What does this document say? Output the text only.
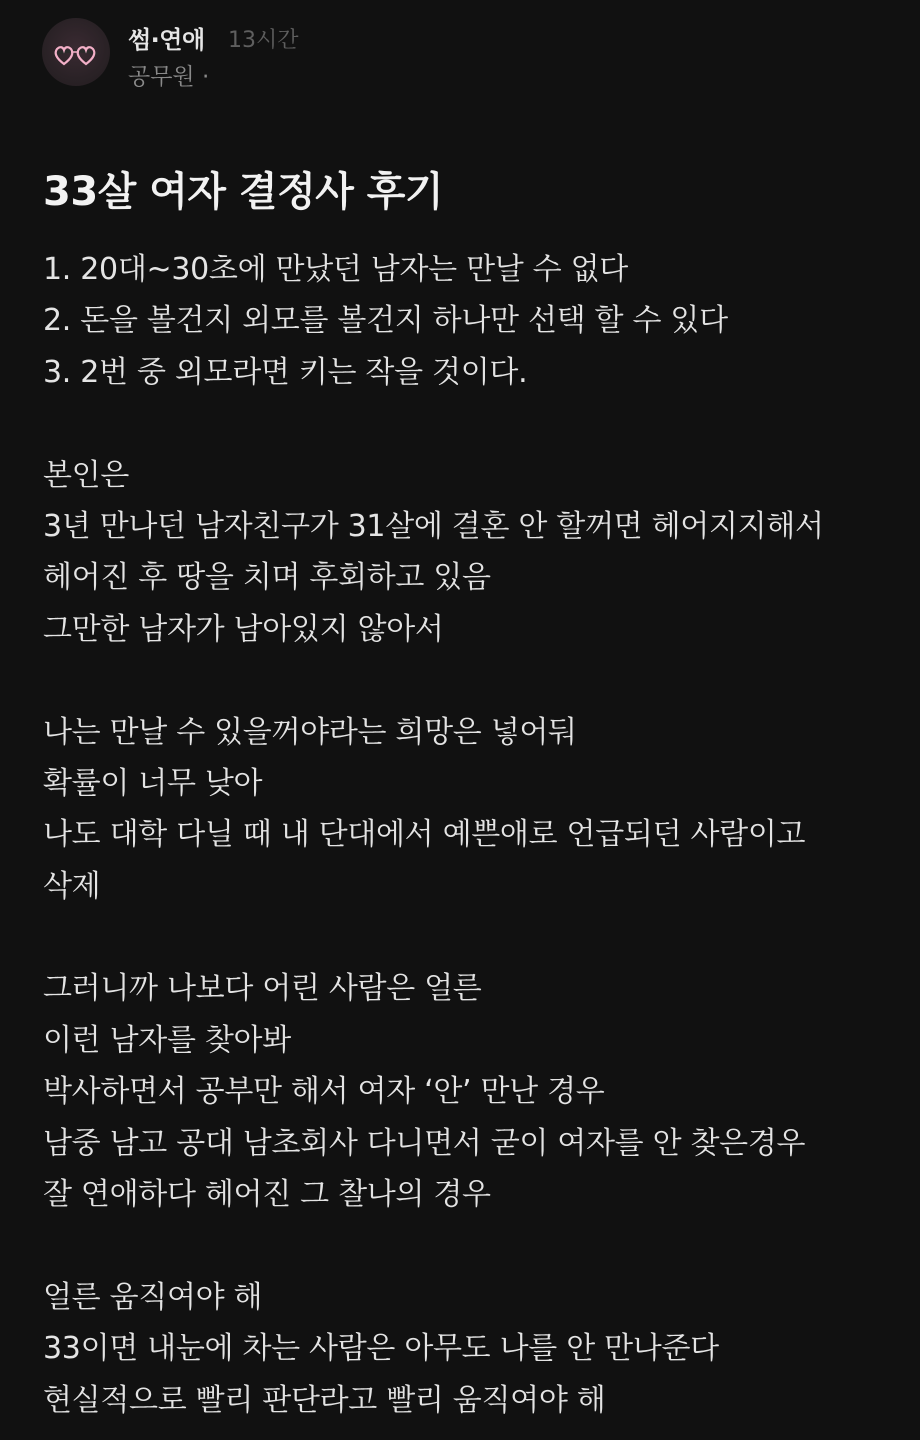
썸·연애 13시간
공무원 ·
33살 여자 결정사 후기
1. 20대~30초에 만났던 남자는 만날 수 없다
2. 돈을 볼건지 외모를 볼건지 하나만 선택 할 수 있다
3. 2번 중 외모라면 키는 작을 것이다.
본인은
3년 만나던 남자친구가 31살에 결혼 안 할꺼면 헤어지지해서
헤어진 후 땅을 치며 후회하고 있음
그만한 남자가 남아있지 않아서
나는 만날 수 있을꺼야라는 희망은 넣어둬
확률이 너무 낮아
나도 대학 다닐 때 내 단대에서 예쁜애로 언급되던 사람이고
삭제
그러니까 나보다 어린 사람은 얼른
이런 남자를 찾아봐
박사하면서 공부만 해서 여자 ‘안’ 만난 경우
남중 남고 공대 남초회사 다니면서 굳이 여자를 안 찾은경우
잘 연애하다 헤어진 그 찰나의 경우
얼른 움직여야 해
33이면 내눈에 차는 사람은 아무도 나를 안 만나준다
현실적으로 빨리 판단라고 빨리 움직여야 해
